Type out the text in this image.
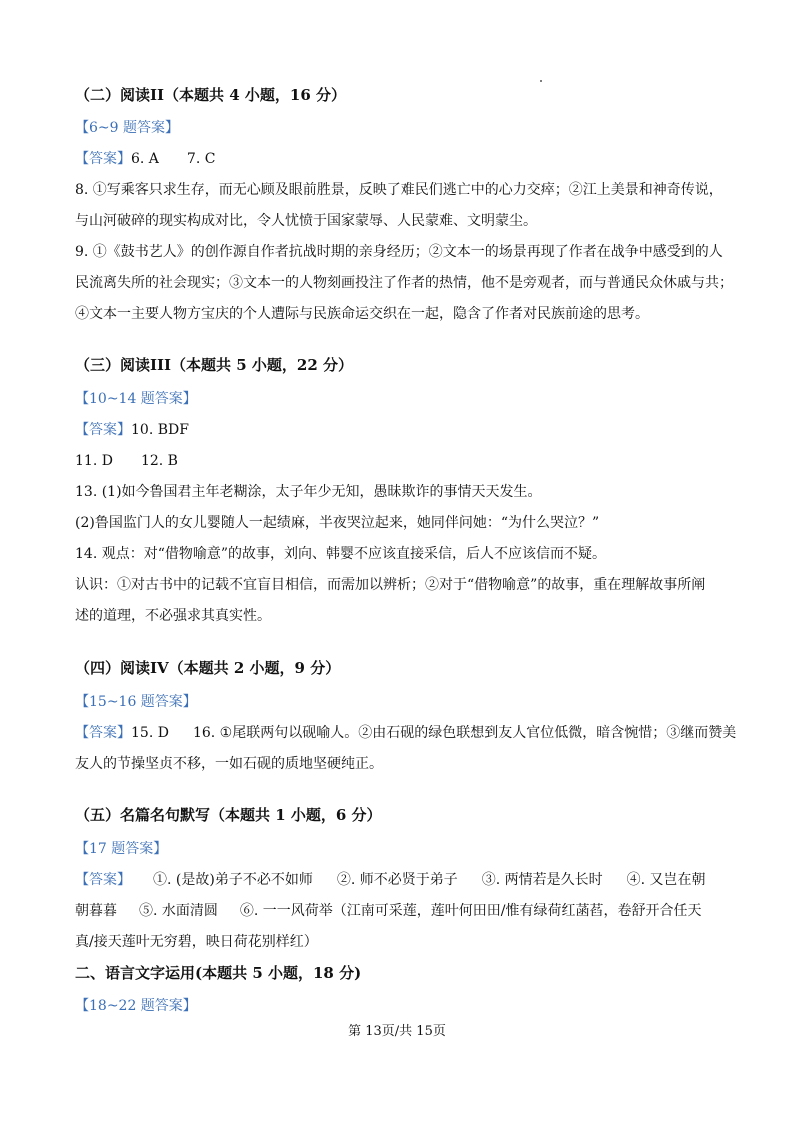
（二）阅读II（本题共 4 小题，16 分）
【6~9 题答案】
【答案】6. A 7. C
8. ①写乘客只求生存，而无心顾及眼前胜景，反映了难民们逃亡中的心力交瘁；②江上美景和神奇传说，
与山河破碎的现实构成对比，令人忧愤于国家蒙辱、人民蒙难、文明蒙尘。
9. ①《鼓书艺人》的创作源自作者抗战时期的亲身经历；②文本一的场景再现了作者在战争中感受到的人
民流离失所的社会现实；③文本一的人物刻画投注了作者的热情，他不是旁观者，而与普通民众休戚与共；
④文本一主要人物方宝庆的个人遭际与民族命运交织在一起，隐含了作者对民族前途的思考。
（三）阅读III（本题共 5 小题，22 分）
【10~14 题答案】
【答案】10. BDF
11. D 12. B
13. (1)如今鲁国君主年老糊涂，太子年少无知，愚昧欺诈的事情天天发生。
(2)鲁国监门人的女儿婴随人一起绩麻，半夜哭泣起来，她同伴问她：“为什么哭泣？”
14. 观点：对“借物喻意”的故事，刘向、韩婴不应该直接采信，后人不应该信而不疑。
认识：①对古书中的记载不宜盲目相信，而需加以辨析；②对于“借物喻意”的故事，重在理解故事所阐
述的道理，不必强求其真实性。
（四）阅读IV（本题共 2 小题，9 分）
【15~16 题答案】
【答案】15. D 16. ①尾联两句以砚喻人。②由石砚的绿色联想到友人官位低微，暗含惋惜；③继而赞美
友人的节操坚贞不移，一如石砚的质地坚硬纯正。
（五）名篇名句默写（本题共 1 小题，6 分）
【17 题答案】
【答案】 ①. (是故)弟子不必不如师 ②. 师不必贤于弟子 ③. 两情若是久长时 ④. 又岂在朝
朝暮暮 ⑤. 水面清圆 ⑥. 一一风荷举（江南可采莲，莲叶何田田/惟有绿荷红菡萏，卷舒开合任天
真/接天莲叶无穷碧，映日荷花别样红）
二、语言文字运用(本题共 5 小题，18 分)
【18~22 题答案】
第 13页/共 15页
